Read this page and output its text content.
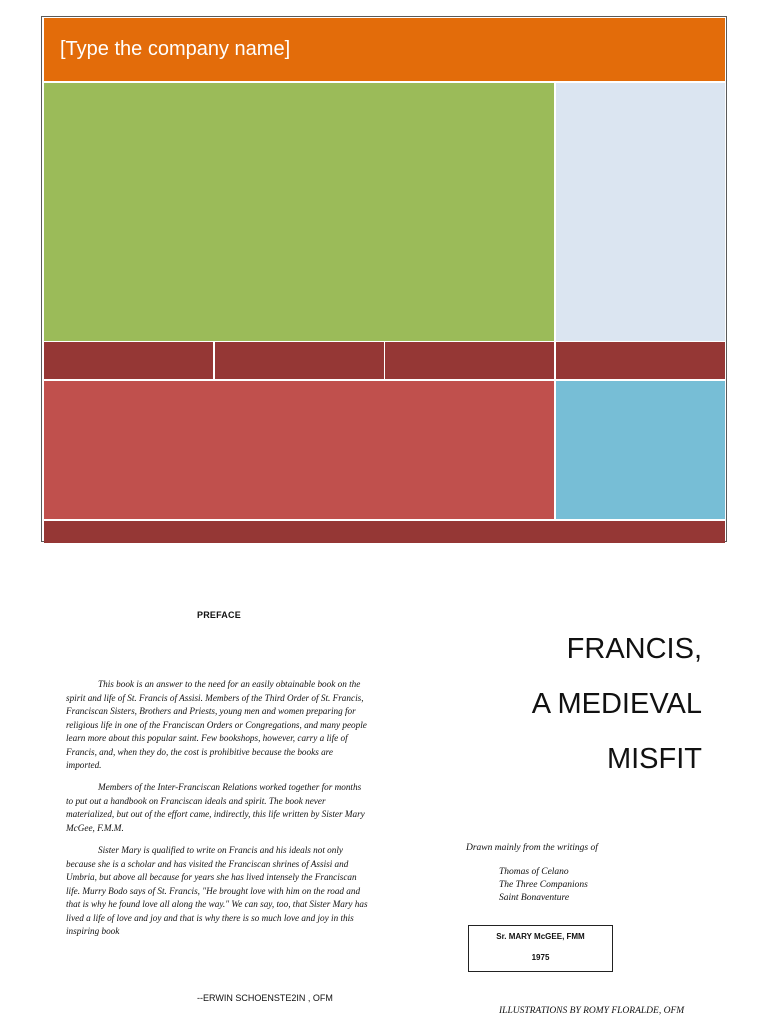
[Type the company name]
PREFACE

This book is an answer to the need for an easily obtainable book on the spirit and life of St. Francis of Assisi. Members of the Third Order of St. Francis, Franciscan Sisters, Brothers and Priests, young men and women preparing for religious life in one of the Franciscan Orders or Congregations, and many people learn more about this popular saint. Few bookshops, however, carry a life of Francis, and, when they do, the cost is prohibitive because the books are imported.

Members of the Inter-Franciscan Relations worked together for months to put out a handbook on Franciscan ideals and spirit. The book never materialized, but out of the effort came, indirectly, this life written by Sister Mary McGee, F.M.M.

Sister Mary is qualified to write on Francis and his ideals not only because she is a scholar and has visited the Franciscan shrines of Assisi and Umbria, but above all because for years she has lived intensely the Franciscan life. Murry Bodo says of St. Francis, "He brought love with him on the road and that is why he found love all along the way." We can say, too, that Sister Mary has lived a life of love and joy and that is why there is so much love and joy in this inspiring book

--ERWIN SCHOENSTE2IN , OFM
FRANCIS,
A MEDIEVAL
MISFIT
Drawn mainly from the writings of
Thomas of Celano
The Three Companions
Saint Bonaventure
Sr. MARY McGEE, FMM
1975
ILLUSTRATIONS BY ROMY FLORALDE, OFM
